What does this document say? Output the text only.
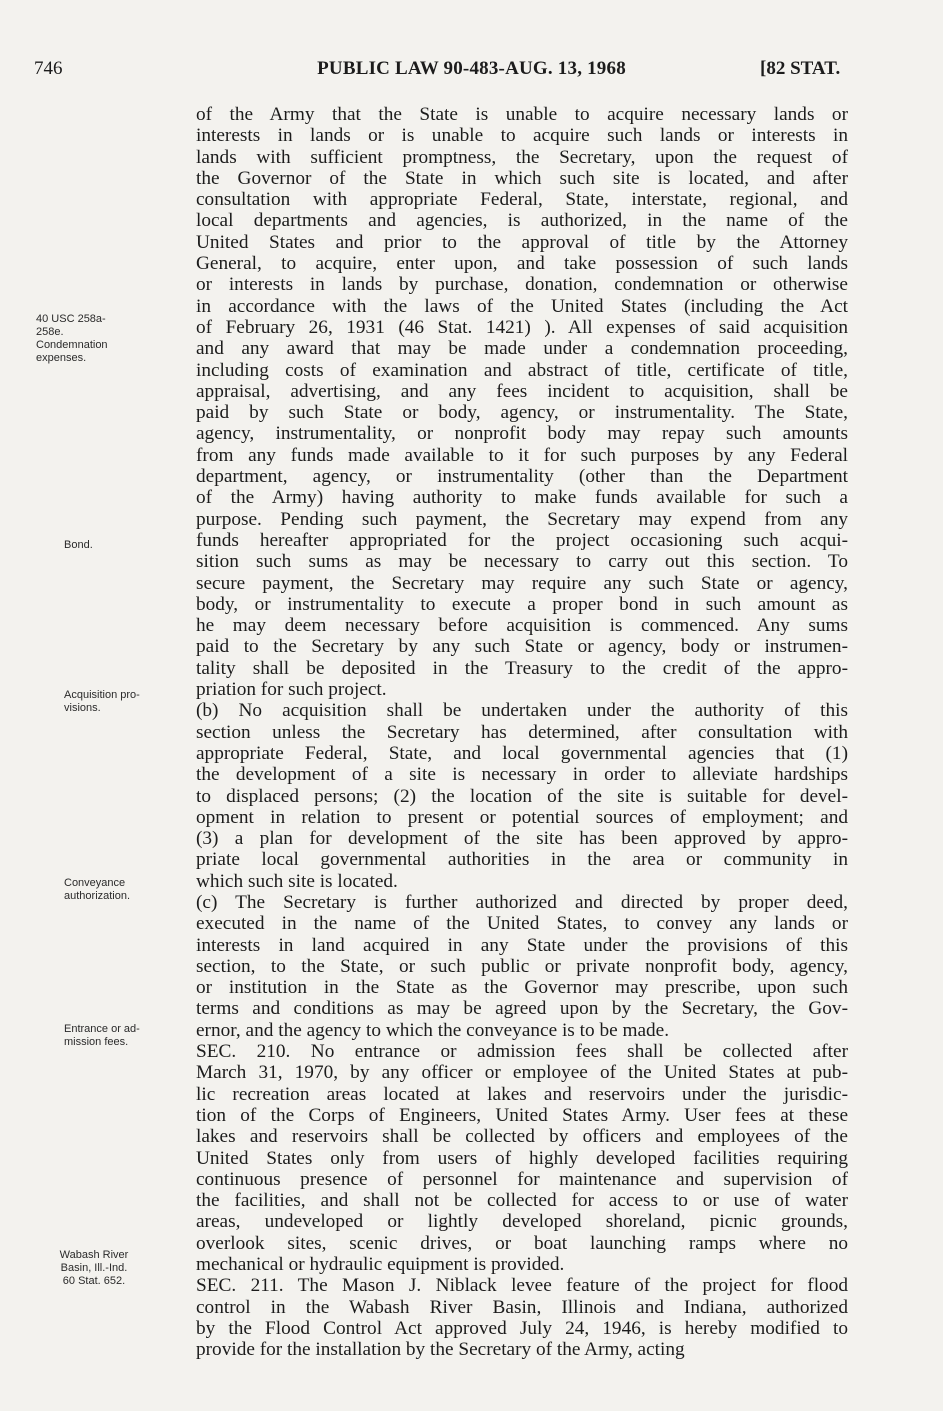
746	PUBLIC LAW 90-483-AUG. 13, 1968	[82 STAT.
40 USC 258a-
258e.
Condemnation
expenses.
Bond.
Acquisition pro-
visions.
Conveyance
authorization.
Entrance or ad-
mission fees.
Wabash River
Basin, Ill.-Ind.
60 Stat. 652.
of the Army that the State is unable to acquire necessary lands or
interests in lands or is unable to acquire such lands or interests in
lands with sufficient promptness, the Secretary, upon the request of
the Governor of the State in which such site is located, and after
consultation with appropriate Federal, State, interstate, regional, and
local departments and agencies, is authorized, in the name of the
United States and prior to the approval of title by the Attorney
General, to acquire, enter upon, and take possession of such lands
or interests in lands by purchase, donation, condemnation or otherwise
in accordance with the laws of the United States (including the Act
of February 26, 1931 (46 Stat. 1421) ). All expenses of said acquisition
and any award that may be made under a condemnation proceeding,
including costs of examination and abstract of title, certificate of title,
appraisal, advertising, and any fees incident to acquisition, shall be
paid by such State or body, agency, or instrumentality. The State,
agency, instrumentality, or nonprofit body may repay such amounts
from any funds made available to it for such purposes by any Federal
department, agency, or instrumentality (other than the Department
of the Army) having authority to make funds available for such a
purpose. Pending such payment, the Secretary may expend from any
funds hereafter appropriated for the project occasioning such acqui-
sition such sums as may be necessary to carry out this section. To
secure payment, the Secretary may require any such State or agency,
body, or instrumentality to execute a proper bond in such amount as
he may deem necessary before acquisition is commenced. Any sums
paid to the Secretary by any such State or agency, body or instrumen-
tality shall be deposited in the Treasury to the credit of the appro-
priation for such project.
(b) No acquisition shall be undertaken under the authority of this
section unless the Secretary has determined, after consultation with
appropriate Federal, State, and local governmental agencies that (1)
the development of a site is necessary in order to alleviate hardships
to displaced persons; (2) the location of the site is suitable for devel-
opment in relation to present or potential sources of employment; and
(3) a plan for development of the site has been approved by appro-
priate local governmental authorities in the area or community in
which such site is located.
(c) The Secretary is further authorized and directed by proper deed,
executed in the name of the United States, to convey any lands or
interests in land acquired in any State under the provisions of this
section, to the State, or such public or private nonprofit body, agency,
or institution in the State as the Governor may prescribe, upon such
terms and conditions as may be agreed upon by the Secretary, the Gov-
ernor, and the agency to which the conveyance is to be made.
SEC. 210. No entrance or admission fees shall be collected after
March 31, 1970, by any officer or employee of the United States at pub-
lic recreation areas located at lakes and reservoirs under the jurisdic-
tion of the Corps of Engineers, United States Army. User fees at these
lakes and reservoirs shall be collected by officers and employees of the
United States only from users of highly developed facilities requiring
continuous presence of personnel for maintenance and supervision of
the facilities, and shall not be collected for access to or use of water
areas, undeveloped or lightly developed shoreland, picnic grounds,
overlook sites, scenic drives, or boat launching ramps where no
mechanical or hydraulic equipment is provided.
SEC. 211. The Mason J. Niblack levee feature of the project for flood
control in the Wabash River Basin, Illinois and Indiana, authorized
by the Flood Control Act approved July 24, 1946, is hereby modified to
provide for the installation by the Secretary of the Army, acting
